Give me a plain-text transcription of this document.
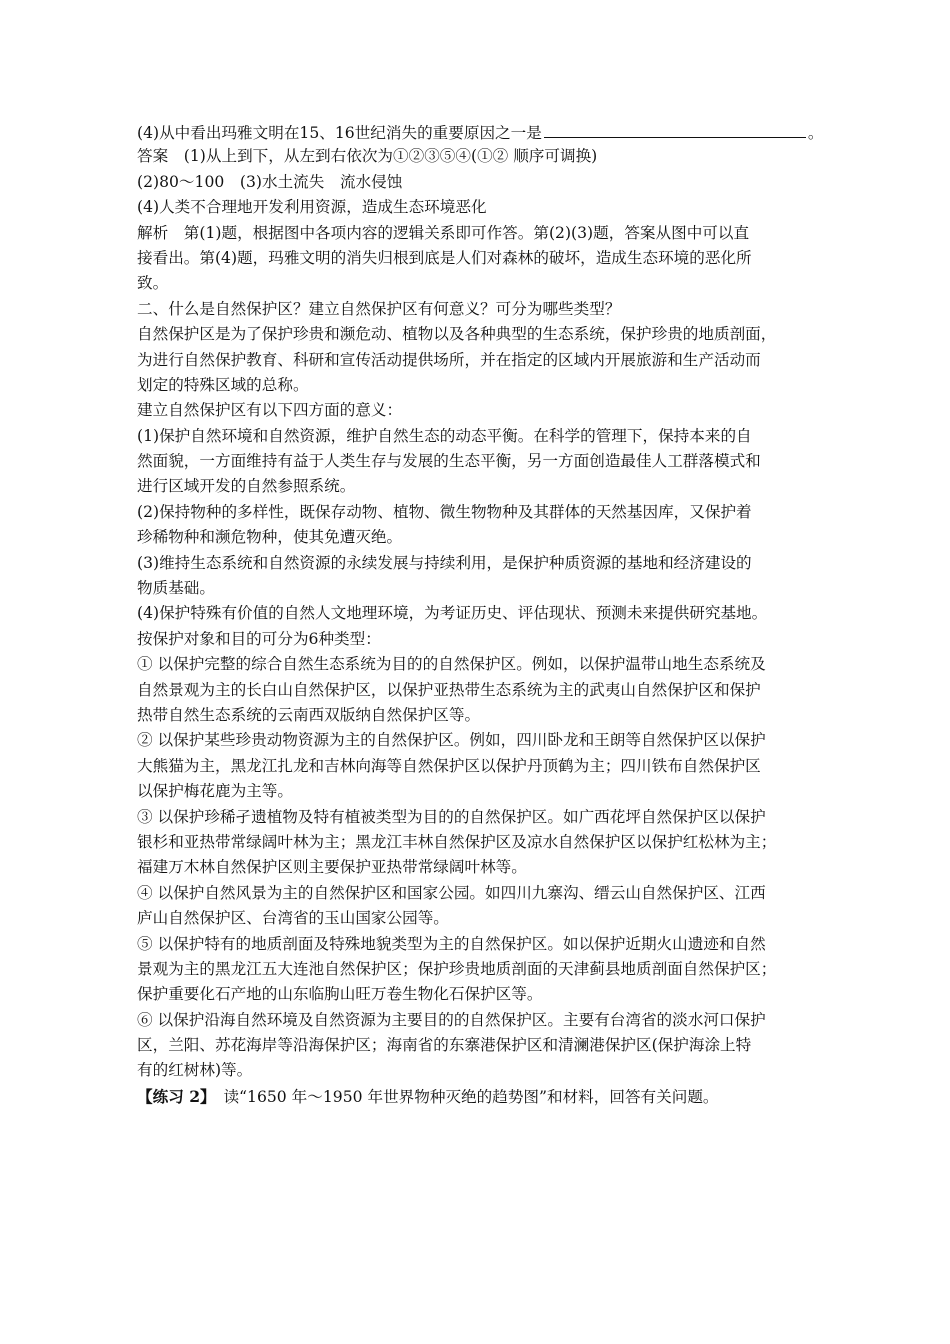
(4)从中看出玛雅文明在15、16世纪消失的重要原因之一是	。
答案　(1)从上到下，从左到右依次为①②③⑤④(①② 顺序可调换)
(2)80～100　(3)水土流失　流水侵蚀
(4)人类不合理地开发利用资源，造成生态环境恶化
解析　第(1)题，根据图中各项内容的逻辑关系即可作答。第(2)(3)题，答案从图中可以直
接看出。第(4)题，玛雅文明的消失归根到底是人们对森林的破坏，造成生态环境的恶化所
致。
二、什么是自然保护区？建立自然保护区有何意义？可分为哪些类型？
自然保护区是为了保护珍贵和濒危动、植物以及各种典型的生态系统，保护珍贵的地质剖面，
为进行自然保护教育、科研和宣传活动提供场所，并在指定的区域内开展旅游和生产活动而
划定的特殊区域的总称。
建立自然保护区有以下四方面的意义：
(1)保护自然环境和自然资源，维护自然生态的动态平衡。在科学的管理下，保持本来的自
然面貌，一方面维持有益于人类生存与发展的生态平衡，另一方面创造最佳人工群落模式和
进行区域开发的自然参照系统。
(2)保持物种的多样性，既保存动物、植物、微生物物种及其群体的天然基因库，又保护着
珍稀物种和濒危物种，使其免遭灭绝。
(3)维持生态系统和自然资源的永续发展与持续利用，是保护种质资源的基地和经济建设的
物质基础。
(4)保护特殊有价值的自然人文地理环境，为考证历史、评估现状、预测未来提供研究基地。
按保护对象和目的可分为6种类型：
① 以保护完整的综合自然生态系统为目的的自然保护区。例如，以保护温带山地生态系统及
自然景观为主的长白山自然保护区，以保护亚热带生态系统为主的武夷山自然保护区和保护
热带自然生态系统的云南西双版纳自然保护区等。
② 以保护某些珍贵动物资源为主的自然保护区。例如，四川卧龙和王朗等自然保护区以保护
大熊猫为主，黑龙江扎龙和吉林向海等自然保护区以保护丹顶鹤为主；四川铁布自然保护区
以保护梅花鹿为主等。
③ 以保护珍稀孑遗植物及特有植被类型为目的的自然保护区。如广西花坪自然保护区以保护
银杉和亚热带常绿阔叶林为主；黑龙江丰林自然保护区及凉水自然保护区以保护红松林为主；
福建万木林自然保护区则主要保护亚热带常绿阔叶林等。
④ 以保护自然风景为主的自然保护区和国家公园。如四川九寨沟、缙云山自然保护区、江西
庐山自然保护区、台湾省的玉山国家公园等。
⑤ 以保护特有的地质剖面及特殊地貌类型为主的自然保护区。如以保护近期火山遗迹和自然
景观为主的黑龙江五大连池自然保护区；保护珍贵地质剖面的天津蓟县地质剖面自然保护区；
保护重要化石产地的山东临朐山旺万卷生物化石保护区等。
⑥ 以保护沿海自然环境及自然资源为主要目的的自然保护区。主要有台湾省的淡水河口保护
区，兰阳、苏花海岸等沿海保护区；海南省的东寨港保护区和清澜港保护区(保护海涂上特
有的红树林)等。
【练习 2】　读“1650 年～1950 年世界物种灭绝的趋势图”和材料，回答有关问题。
